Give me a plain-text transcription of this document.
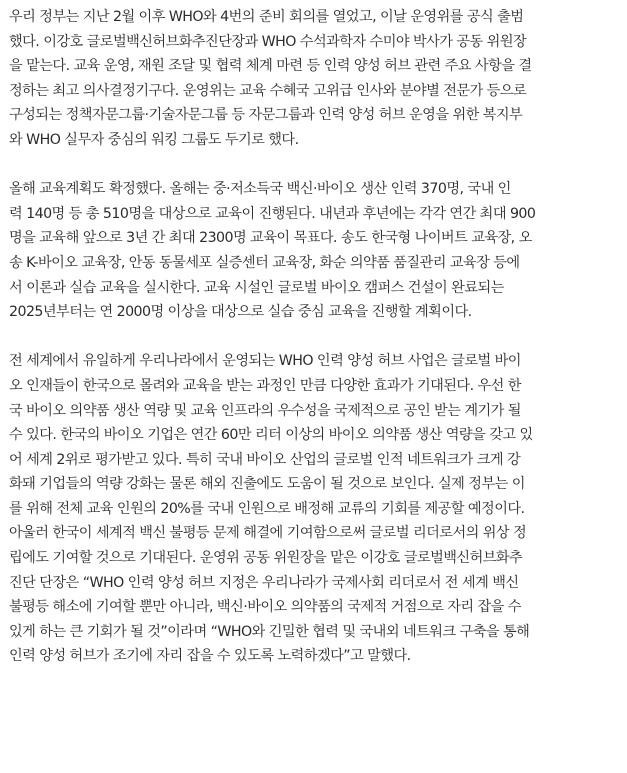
우리 정부는 지난 2월 이후 WHO와 4번의 준비 회의를 열었고, 이날 운영위를 공식 출범
했다. 이강호 글로벌백신허브화추진단장과 WHO 수석과학자 수미야 박사가 공동 위원장
을 맡는다. 교육 운영, 재원 조달 및 협력 체계 마련 등 인력 양성 허브 관련 주요 사항을 결
정하는 최고 의사결정기구다. 운영위는 교육 수혜국 고위급 인사와 분야별 전문가 등으로
구성되는 정책자문그룹·기술자문그룹 등 자문그룹과 인력 양성 허브 운영을 위한 복지부
와 WHO 실무자 중심의 워킹 그룹도 두기로 했다.

올해 교육계획도 확정했다. 올해는 중·저소득국 백신·바이오 생산 인력 370명, 국내 인
력 140명 등 총 510명을 대상으로 교육이 진행된다. 내년과 후년에는 각각 연간 최대 900
명을 교육해 앞으로 3년 간 최대 2300명 교육이 목표다. 송도 한국형 나이버트 교육장, 오
송 K-바이오 교육장, 안동 동물세포 실증센터 교육장, 화순 의약품 품질관리 교육장 등에
서 이론과 실습 교육을 실시한다. 교육 시설인 글로벌 바이오 캠퍼스 건설이 완료되는
2025년부터는 연 2000명 이상을 대상으로 실습 중심 교육을 진행할 계획이다.

전 세계에서 유일하게 우리나라에서 운영되는 WHO 인력 양성 허브 사업은 글로벌 바이
오 인재들이 한국으로 몰려와 교육을 받는 과정인 만큼 다양한 효과가 기대된다. 우선 한
국 바이오 의약품 생산 역량 및 교육 인프라의 우수성을 국제적으로 공인 받는 계기가 될
수 있다. 한국의 바이오 기업은 연간 60만 리터 이상의 바이오 의약품 생산 역량을 갖고 있
어 세계 2위로 평가받고 있다. 특히 국내 바이오 산업의 글로벌 인적 네트워크가 크게 강
화돼 기업들의 역량 강화는 물론 해외 진출에도 도움이 될 것으로 보인다. 실제 정부는 이
를 위해 전체 교육 인원의 20%를 국내 인원으로 배정해 교류의 기회를 제공할 예정이다.
아울러 한국이 세계적 백신 불평등 문제 해결에 기여함으로써 글로벌 리더로서의 위상 정
립에도 기여할 것으로 기대된다. 운영위 공동 위원장을 맡은 이강호 글로벌백신허브화추
진단 단장은 “WHO 인력 양성 허브 지정은 우리나라가 국제사회 리더로서 전 세계 백신
불평등 해소에 기여할 뿐만 아니라, 백신·바이오 의약품의 국제적 거점으로 자리 잡을 수
있게 하는 큰 기회가 될 것”이라며 “WHO와 긴밀한 협력 및 국내외 네트워크 구축을 통해
인력 양성 허브가 조기에 자리 잡을 수 있도록 노력하겠다”고 말했다.
